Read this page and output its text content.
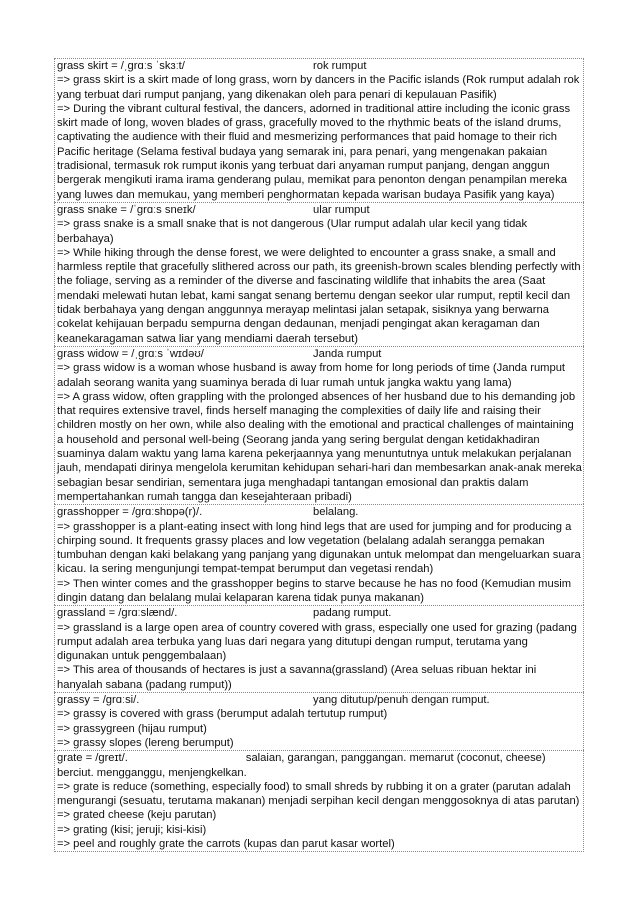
grass skirt = /ˌɡrɑːs ˈskɜːt/	rok rumput
=> grass skirt is a skirt made of long grass, worn by dancers in the Pacific islands (Rok rumput adalah rok yang terbuat dari rumput panjang, yang dikenakan oleh para penari di kepulauan Pasifik)
=> During the vibrant cultural festival, the dancers, adorned in traditional attire including the iconic grass skirt made of long, woven blades of grass, gracefully moved to the rhythmic beats of the island drums, captivating the audience with their fluid and mesmerizing performances that paid homage to their rich Pacific heritage (Selama festival budaya yang semarak ini, para penari, yang mengenakan pakaian tradisional, termasuk rok rumput ikonis yang terbuat dari anyaman rumput panjang, dengan anggun bergerak mengikuti irama irama genderang pulau, memikat para penonton dengan penampilan mereka yang luwes dan memukau, yang memberi penghormatan kepada warisan budaya Pasifik yang kaya)
grass snake = /ˈɡrɑːs sneɪk/	ular rumput
=> grass snake is a small snake that is not dangerous (Ular rumput adalah ular kecil yang tidak berbahaya)
=> While hiking through the dense forest, we were delighted to encounter a grass snake, a small and harmless reptile that gracefully slithered across our path, its greenish-brown scales blending perfectly with the foliage, serving as a reminder of the diverse and fascinating wildlife that inhabits the area (Saat mendaki melewati hutan lebat, kami sangat senang bertemu dengan seekor ular rumput, reptil kecil dan tidak berbahaya yang dengan anggunnya merayap melintasi jalan setapak, sisiknya yang berwarna cokelat kehijauan berpadu sempurna dengan dedaunan, menjadi pengingat akan keragaman dan keanekaragaman satwa liar yang mendiami daerah tersebut)
grass widow = /ˌɡrɑːs ˈwɪdəʊ/	Janda rumput
=> grass widow is a woman whose husband is away from home for long periods of time (Janda rumput adalah seorang wanita yang suaminya berada di luar rumah untuk jangka waktu yang lama)
=> A grass widow, often grappling with the prolonged absences of her husband due to his demanding job that requires extensive travel, finds herself managing the complexities of daily life and raising their children mostly on her own, while also dealing with the emotional and practical challenges of maintaining a household and personal well-being (Seorang janda yang sering bergulat dengan ketidakhadiran suaminya dalam waktu yang lama karena pekerjaannya yang menuntutnya untuk melakukan perjalanan jauh, mendapati dirinya mengelola kerumitan kehidupan sehari-hari dan membesarkan anak-anak mereka sebagian besar sendirian, sementara juga menghadapi tantangan emosional dan praktis dalam mempertahankan rumah tangga dan kesejahteraan pribadi)
grasshopper = /ɡrɑːshɒpə(r)/.	belalang.
=> grasshopper is a plant-eating insect with long hind legs that are used for jumping and for producing a chirping sound. It frequents grassy places and low vegetation (belalang adalah serangga pemakan tumbuhan dengan kaki belakang yang panjang yang digunakan untuk melompat dan mengeluarkan suara kicau. Ia sering mengunjungi tempat-tempat berumput dan vegetasi rendah)
=> Then winter comes and the grasshopper begins to starve because he has no food (Kemudian musim dingin datang dan belalang mulai kelaparan karena tidak punya makanan)
grassland = /ɡrɑːslænd/.	padang rumput.
=> grassland is a large open area of country covered with grass, especially one used for grazing (padang rumput adalah area terbuka yang luas dari negara yang ditutupi dengan rumput, terutama yang digunakan untuk penggembalaan)
=> This area of thousands of hectares is just a savanna(grassland) (Area seluas ribuan hektar ini hanyalah sabana (padang rumput))
grassy = /ɡrɑːsi/.	yang ditutup/penuh dengan rumput.
=> grassy is covered with grass (berumput adalah tertutup rumput)
=> grassygreen (hijau rumput)
=> grassy slopes (lereng berumput)
grate = /ɡreɪt/.	salaian, garangan, panggangan. memarut (coconut, cheese) berciut. mengganggu, menjengkelkan.
=> grate is reduce (something, especially food) to small shreds by rubbing it on a grater (parutan adalah mengurangi (sesuatu, terutama makanan) menjadi serpihan kecil dengan menggosoknya di atas parutan)
=> grated cheese (keju parutan)
=> grating (kisi; jeruji; kisi-kisi)
=> peel and roughly grate the carrots (kupas dan parut kasar wortel)
